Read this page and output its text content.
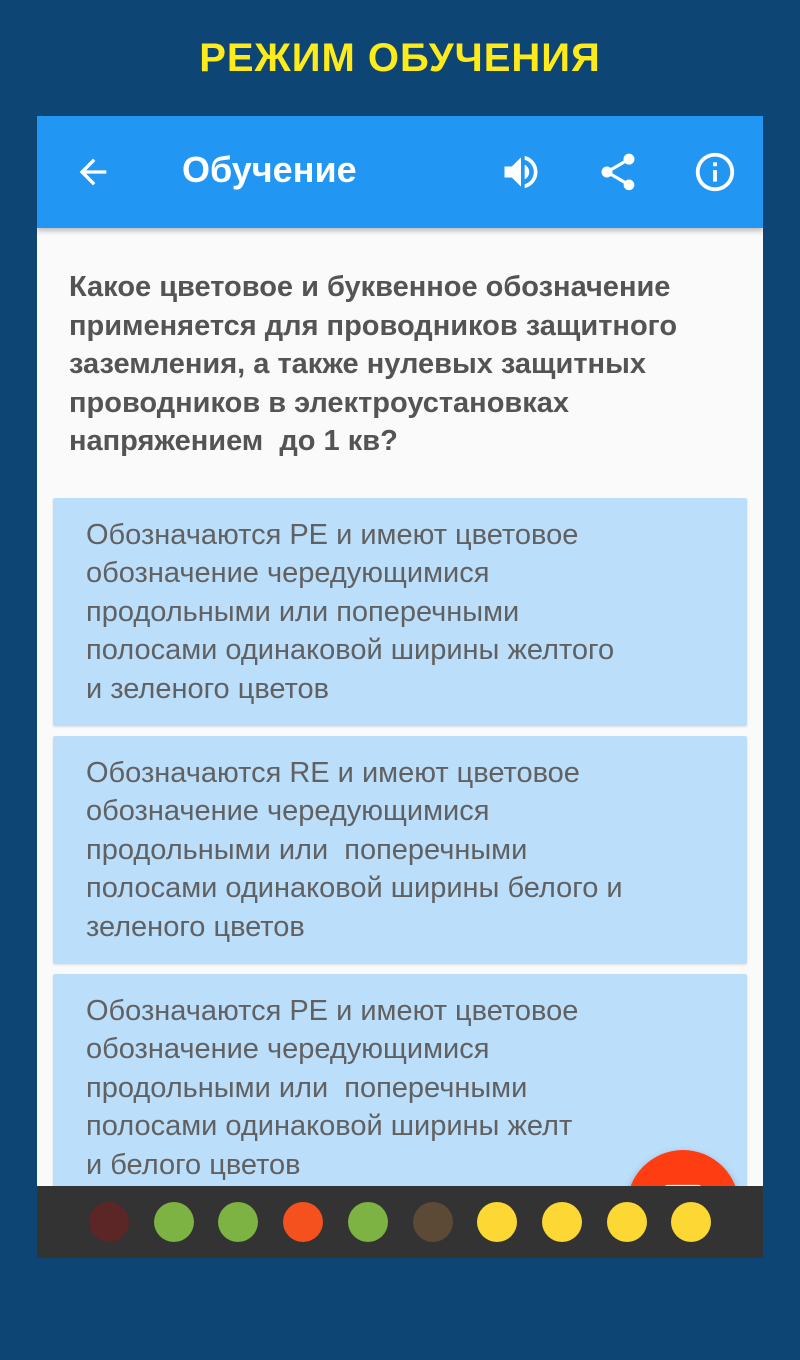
РЕЖИМ ОБУЧЕНИЯ
Обучение
Какое цветовое и буквенное обозначение
применяется для проводников защитного
заземления, а также нулевых защитных
проводников в электроустановках
напряжением  до 1 кв?
Обозначаются PE и имеют цветовое
обозначение чередующимися
продольными или поперечными
полосами одинаковой ширины желтого
и зеленого цветов
Обозначаются RE и имеют цветовое
обозначение чередующимися
продольными или  поперечными
полосами одинаковой ширины белого и
зеленого цветов
Обозначаются PE и имеют цветовое
обозначение чередующимися
продольными или  поперечными
полосами одинаковой ширины желт
и белого цветов
